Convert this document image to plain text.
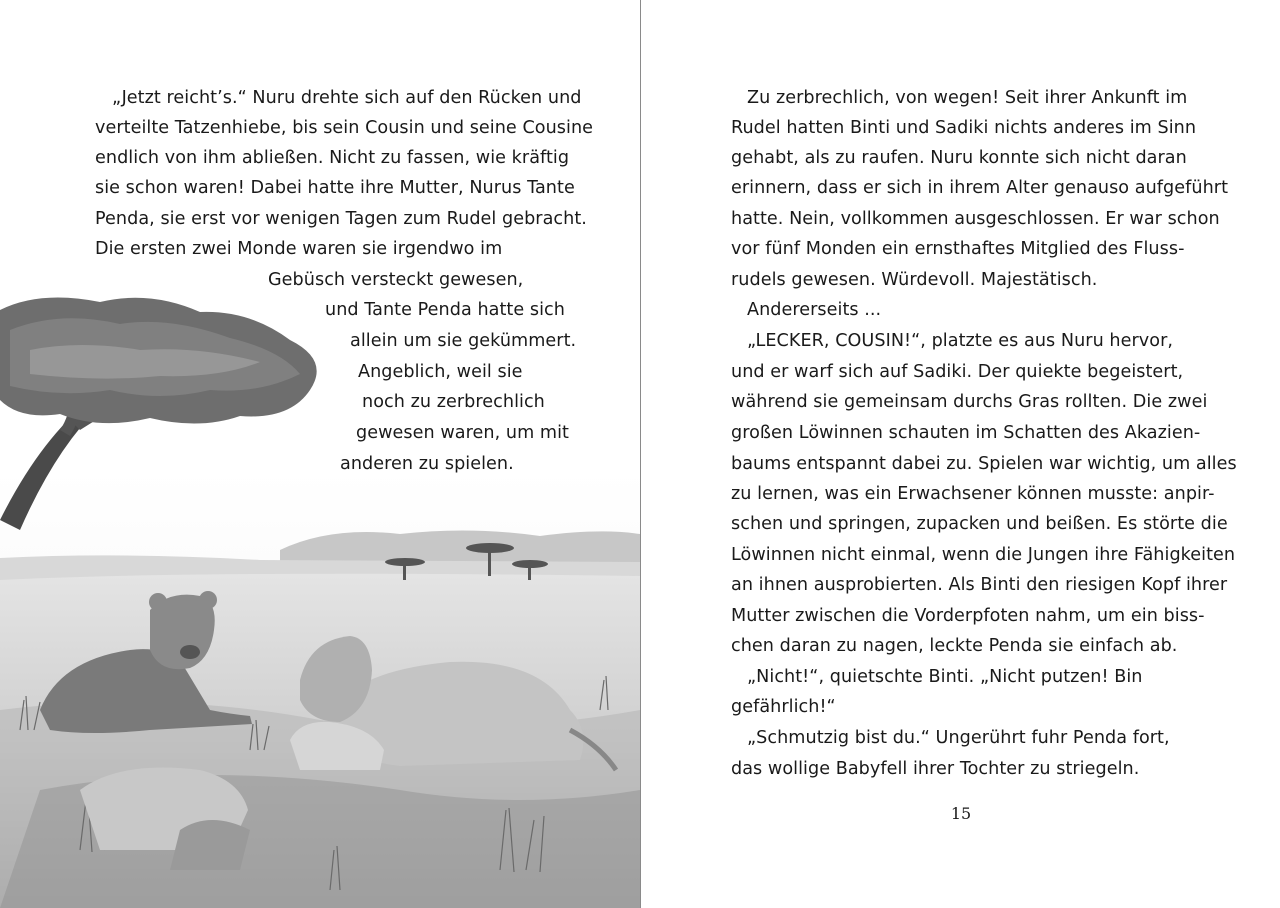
„Jetzt reicht’s.“ Nuru drehte sich auf den Rücken und
verteilte Tatzenhiebe, bis sein Cousin und seine Cousine
endlich von ihm abließen. Nicht zu fassen, wie kräftig
sie schon waren! Dabei hatte ihre Mutter, Nurus Tante
Penda, sie erst vor wenigen Tagen zum Rudel gebracht.
Die ersten zwei Monde waren sie irgendwo im
Gebüsch versteckt gewesen,
und Tante Penda hatte sich
allein um sie gekümmert.
Angeblich, weil sie
noch zu zerbrechlich
gewesen waren, um mit
anderen zu spielen.
Zu zerbrechlich, von wegen! Seit ihrer Ankunft im
Rudel hatten Binti und Sadiki nichts anderes im Sinn
gehabt, als zu raufen. Nuru konnte sich nicht daran
erinnern, dass er sich in ihrem Alter genauso aufgeführt
hatte. Nein, vollkommen ausgeschlossen. Er war schon
vor fünf Monden ein ernsthaftes Mitglied des Fluss-
rudels gewesen. Würdevoll. Majestätisch.
Andererseits ...
„LECKER, COUSIN!“, platzte es aus Nuru hervor,
und er warf sich auf Sadiki. Der quiekte begeistert,
während sie gemeinsam durchs Gras rollten. Die zwei
großen Löwinnen schauten im Schatten des Akazien-
baums entspannt dabei zu. Spielen war wichtig, um alles
zu lernen, was ein Erwachsener können musste: anpir-
schen und springen, zupacken und beißen. Es störte die
Löwinnen nicht einmal, wenn die Jungen ihre Fähigkeiten
an ihnen ausprobierten. Als Binti den riesigen Kopf ihrer
Mutter zwischen die Vorderpfoten nahm, um ein biss-
chen daran zu nagen, leckte Penda sie einfach ab.
„Nicht!“, quietschte Binti. „Nicht putzen! Bin
gefährlich!“
„Schmutzig bist du.“ Ungerührt fuhr Penda fort,
das wollige Babyfell ihrer Tochter zu striegeln.
15
